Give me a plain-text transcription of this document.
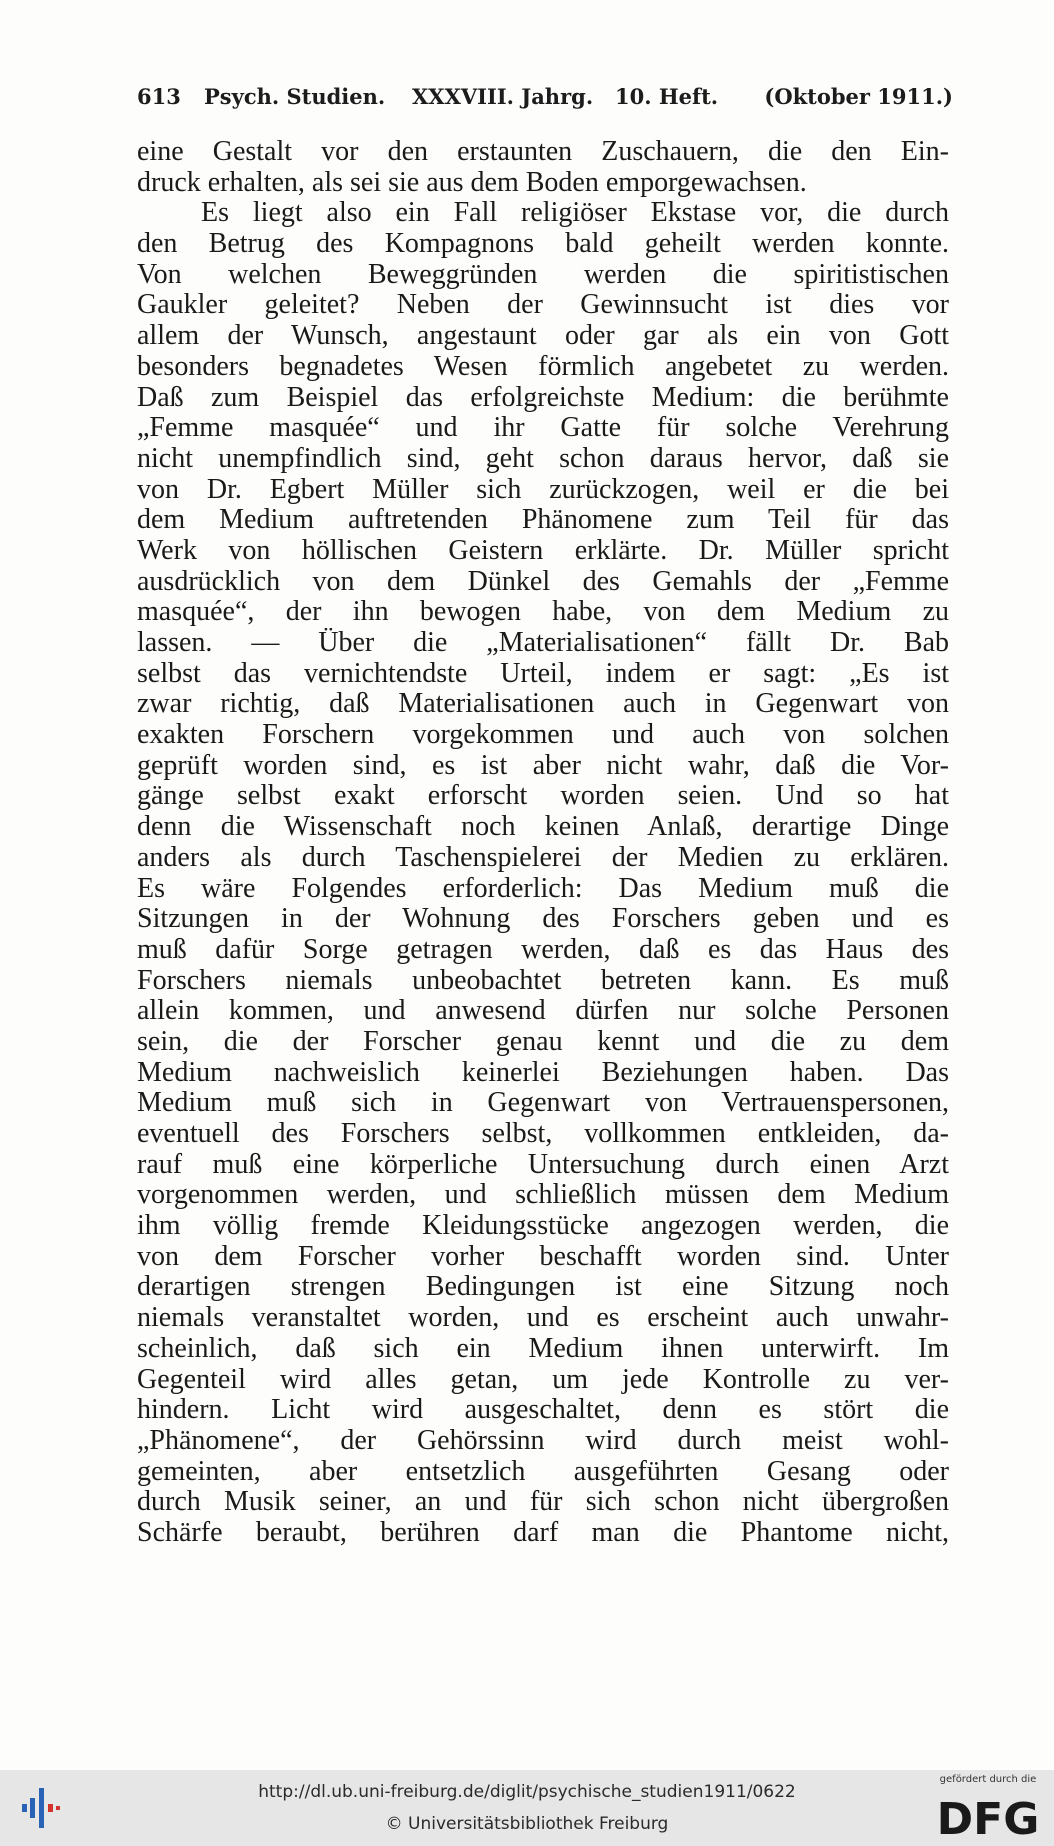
613 Psych. Studien. XXXVIII. Jahrg. 10. Heft. (Oktober 1911.)
eine Gestalt vor den erstaunten Zuschauern, die den Ein-
druck erhalten, als sei sie aus dem Boden emporgewachsen.
Es liegt also ein Fall religiöser Ekstase vor, die durch
den Betrug des Kompagnons bald geheilt werden konnte.
Von welchen Beweggründen werden die spiritistischen
Gaukler geleitet? Neben der Gewinnsucht ist dies vor
allem der Wunsch, angestaunt oder gar als ein von Gott
besonders begnadetes Wesen förmlich angebetet zu werden.
Daß zum Beispiel das erfolgreichste Medium: die berühmte
„Femme masquée“ und ihr Gatte für solche Verehrung
nicht unempfindlich sind, geht schon daraus hervor, daß sie
von Dr. Egbert Müller sich zurückzogen, weil er die bei
dem Medium auftretenden Phänomene zum Teil für das
Werk von höllischen Geistern erklärte. Dr. Müller spricht
ausdrücklich von dem Dünkel des Gemahls der „Femme
masquée“, der ihn bewogen habe, von dem Medium zu
lassen. — Über die „Materialisationen“ fällt Dr. Bab
selbst das vernichtendste Urteil, indem er sagt: „Es ist
zwar richtig, daß Materialisationen auch in Gegenwart von
exakten Forschern vorgekommen und auch von solchen
geprüft worden sind, es ist aber nicht wahr, daß die Vor-
gänge selbst exakt erforscht worden seien. Und so hat
denn die Wissenschaft noch keinen Anlaß, derartige Dinge
anders als durch Taschenspielerei der Medien zu erklären.
Es wäre Folgendes erforderlich: Das Medium muß die
Sitzungen in der Wohnung des Forschers geben und es
muß dafür Sorge getragen werden, daß es das Haus des
Forschers niemals unbeobachtet betreten kann. Es muß
allein kommen, und anwesend dürfen nur solche Personen
sein, die der Forscher genau kennt und die zu dem
Medium nachweislich keinerlei Beziehungen haben. Das
Medium muß sich in Gegenwart von Vertrauenspersonen,
eventuell des Forschers selbst, vollkommen entkleiden, da-
rauf muß eine körperliche Untersuchung durch einen Arzt
vorgenommen werden, und schließlich müssen dem Medium
ihm völlig fremde Kleidungsstücke angezogen werden, die
von dem Forscher vorher beschafft worden sind. Unter
derartigen strengen Bedingungen ist eine Sitzung noch
niemals veranstaltet worden, und es erscheint auch unwahr-
scheinlich, daß sich ein Medium ihnen unterwirft. Im
Gegenteil wird alles getan, um jede Kontrolle zu ver-
hindern. Licht wird ausgeschaltet, denn es stört die
„Phänomene“, der Gehörssinn wird durch meist wohl-
gemeinten, aber entsetzlich ausgeführten Gesang oder
durch Musik seiner, an und für sich schon nicht übergroßen
Schärfe beraubt, berühren darf man die Phantome nicht,
http://dl.ub.uni-freiburg.de/diglit/psychische_studien1911/0622
© Universitätsbibliothek Freiburg
gefördert durch die
DFG
